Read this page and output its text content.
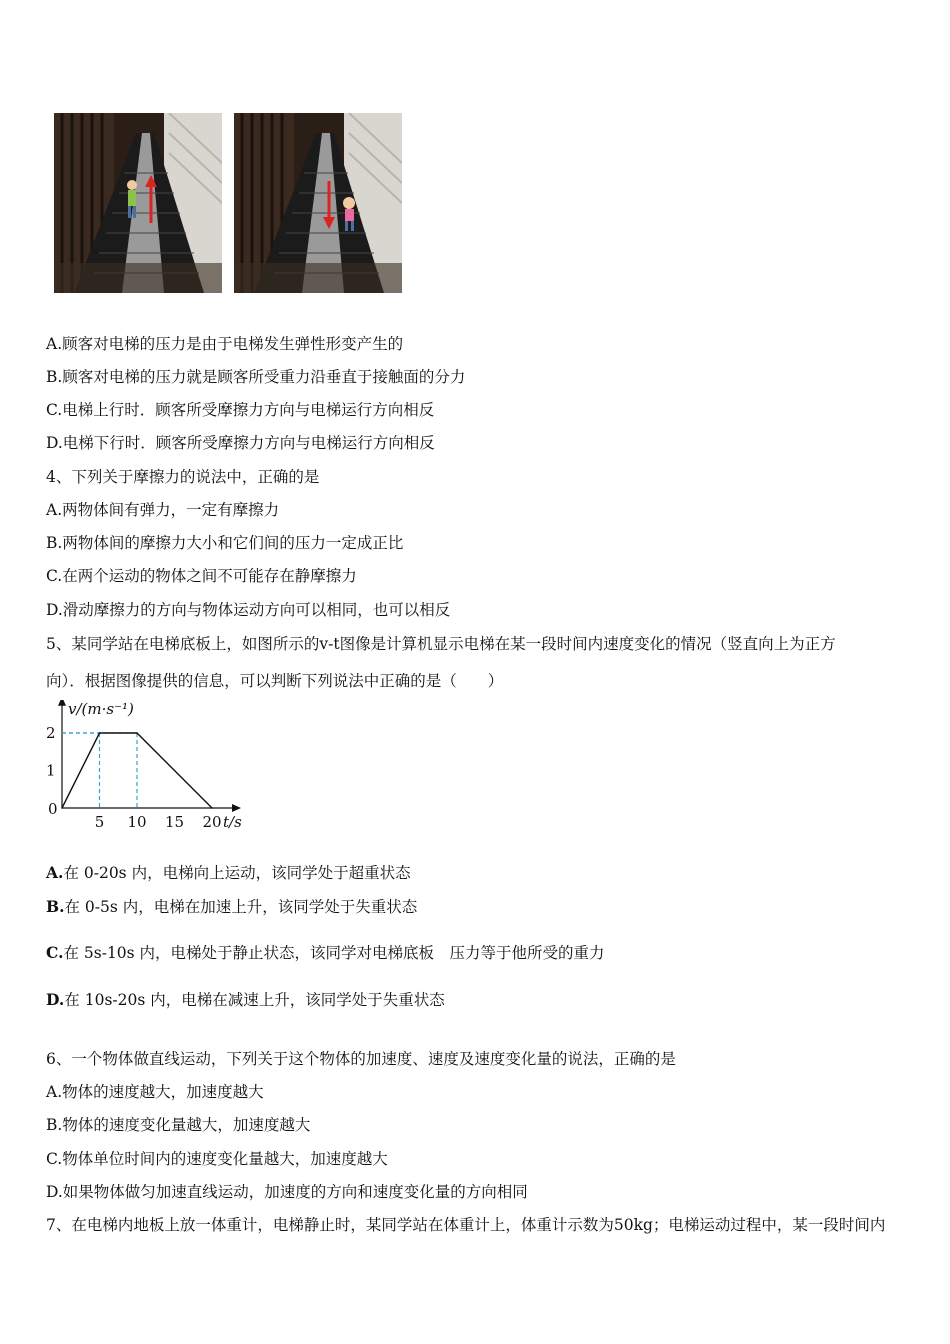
A.顾客对电梯的压力是由于电梯发生弹性形变产生的
B.顾客对电梯的压力就是顾客所受重力沿垂直于接触面的分力
C.电梯上行时．顾客所受摩擦力方向与电梯运行方向相反
D.电梯下行时．顾客所受摩擦力方向与电梯运行方向相反
4、下列关于摩擦力的说法中，正确的是
A.两物体间有弹力，一定有摩擦力
B.两物体间的摩擦力大小和它们间的压力一定成正比
C.在两个运动的物体之间不可能存在静摩擦力
D.滑动摩擦力的方向与物体运动方向可以相同，也可以相反
5、某同学站在电梯底板上，如图所示的v-t图像是计算机显示电梯在某一段时间内速度变化的情况（竖直向上为正方
向）．根据图像提供的信息，可以判断下列说法中正确的是（　　）
0
5 10 15 20
1
2
v/(m·s⁻¹)
t/s
A.在 0-20s 内，电梯向上运动，该同学处于超重状态
B.在 0-5s 内，电梯在加速上升，该同学处于失重状态
C.在 5s-10s 内，电梯处于静止状态，该同学对电梯底板　压力等于他所受的重力
D.在 10s-20s 内，电梯在减速上升，该同学处于失重状态
6、一个物体做直线运动，下列关于这个物体的加速度、速度及速度变化量的说法，正确的是
A.物体的速度越大，加速度越大
B.物体的速度变化量越大，加速度越大
C.物体单位时间内的速度变化量越大，加速度越大
D.如果物体做匀加速直线运动，加速度的方向和速度变化量的方向相同
7、在电梯内地板上放一体重计，电梯静止时，某同学站在体重计上，体重计示数为50kg；电梯运动过程中，某一段时间内
